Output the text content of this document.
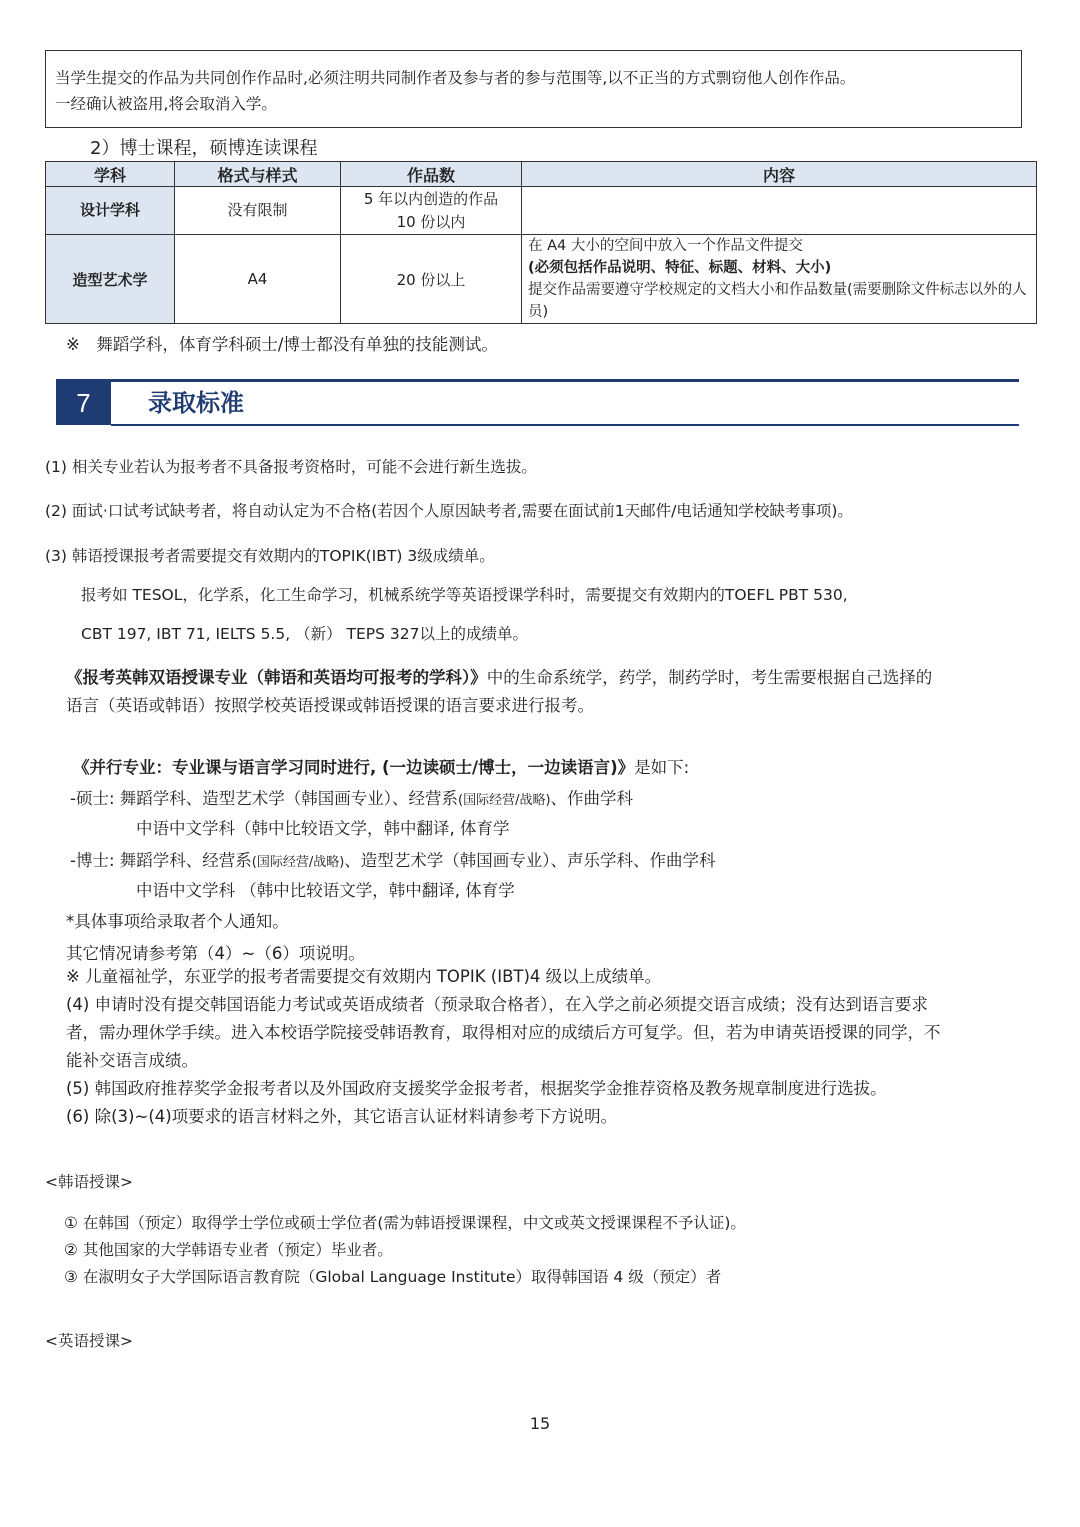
当学生提交的作品为共同创作作品时,必须注明共同制作者及参与者的参与范围等,以不正当的方式剽窃他人创作作品。
一经确认被盗用,将会取消入学。
2）博士课程，硕博连读课程
学科	格式与样式	作品数	内容
设计学科	没有限制	5 年以内创造的作品
10 份以内	

造型艺术学	A4	20 份以上	在 A4 大小的空间中放入一个作品文件提交
(必须包括作品说明、特征、标题、材料、大小)
提交作品需要遵守学校规定的文档大小和作品数量(需要删除文件标志以外的人员)
※　舞蹈学科，体育学科硕士/博士都没有单独的技能测试。
7	录取标准
(1) 相关专业若认为报考者不具备报考资格时，可能不会进行新生选拔。
(2) 面试·口试考试缺考者，将自动认定为不合格(若因个人原因缺考者,需要在面试前1天邮件/电话通知学校缺考事项)。
(3) 韩语授课报考者需要提交有效期内的TOPIK(IBT) 3级成绩单。
报考如 TESOL，化学系，化工生命学习，机械系统学等英语授课学科时，需要提交有效期内的TOEFL PBT 530,
CBT 197, IBT 71, IELTS 5.5, （新） TEPS 327以上的成绩单。
《报考英韩双语授课专业（韩语和英语均可报考的学科）》中的生命系统学，药学，制药学时，考生需要根据自己选择的
语言（英语或韩语）按照学校英语授课或韩语授课的语言要求进行报考。
《并行专业：专业课与语言学习同时进行, (一边读硕士/博士，一边读语言)》是如下:
-硕士: 舞蹈学科、造型艺术学（韩国画专业）、经营系(国际经营/战略)、作曲学科
中语中文学科（韩中比较语文学，韩中翻译, 体育学
-博士: 舞蹈学科、经营系(国际经营/战略)、造型艺术学（韩国画专业）、声乐学科、作曲学科
中语中文学科 （韩中比较语文学，韩中翻译, 体育学
*具体事项给录取者个人通知。
其它情况请参考第（4）~（6）项说明。
※ 儿童福祉学，东亚学的报考者需要提交有效期内 TOPIK (IBT)4 级以上成绩单。
(4) 申请时没有提交韩国语能力考试或英语成绩者（预录取合格者），在入学之前必须提交语言成绩；没有达到语言要求
者，需办理休学手续。进入本校语学院接受韩语教育，取得相对应的成绩后方可复学。但，若为申请英语授课的同学，不
能补交语言成绩。
(5) 韩国政府推荐奖学金报考者以及外国政府支援奖学金报考者，根据奖学金推荐资格及教务规章制度进行选拔。
(6) 除(3)~(4)项要求的语言材料之外，其它语言认证材料请参考下方说明。
<韩语授课>
① 在韩国（预定）取得学士学位或硕士学位者(需为韩语授课课程，中文或英文授课课程不予认证)。
② 其他国家的大学韩语专业者（预定）毕业者。
③ 在淑明女子大学国际语言教育院（Global Language Institute）取得韩国语 4 级（预定）者
<英语授课>
15
